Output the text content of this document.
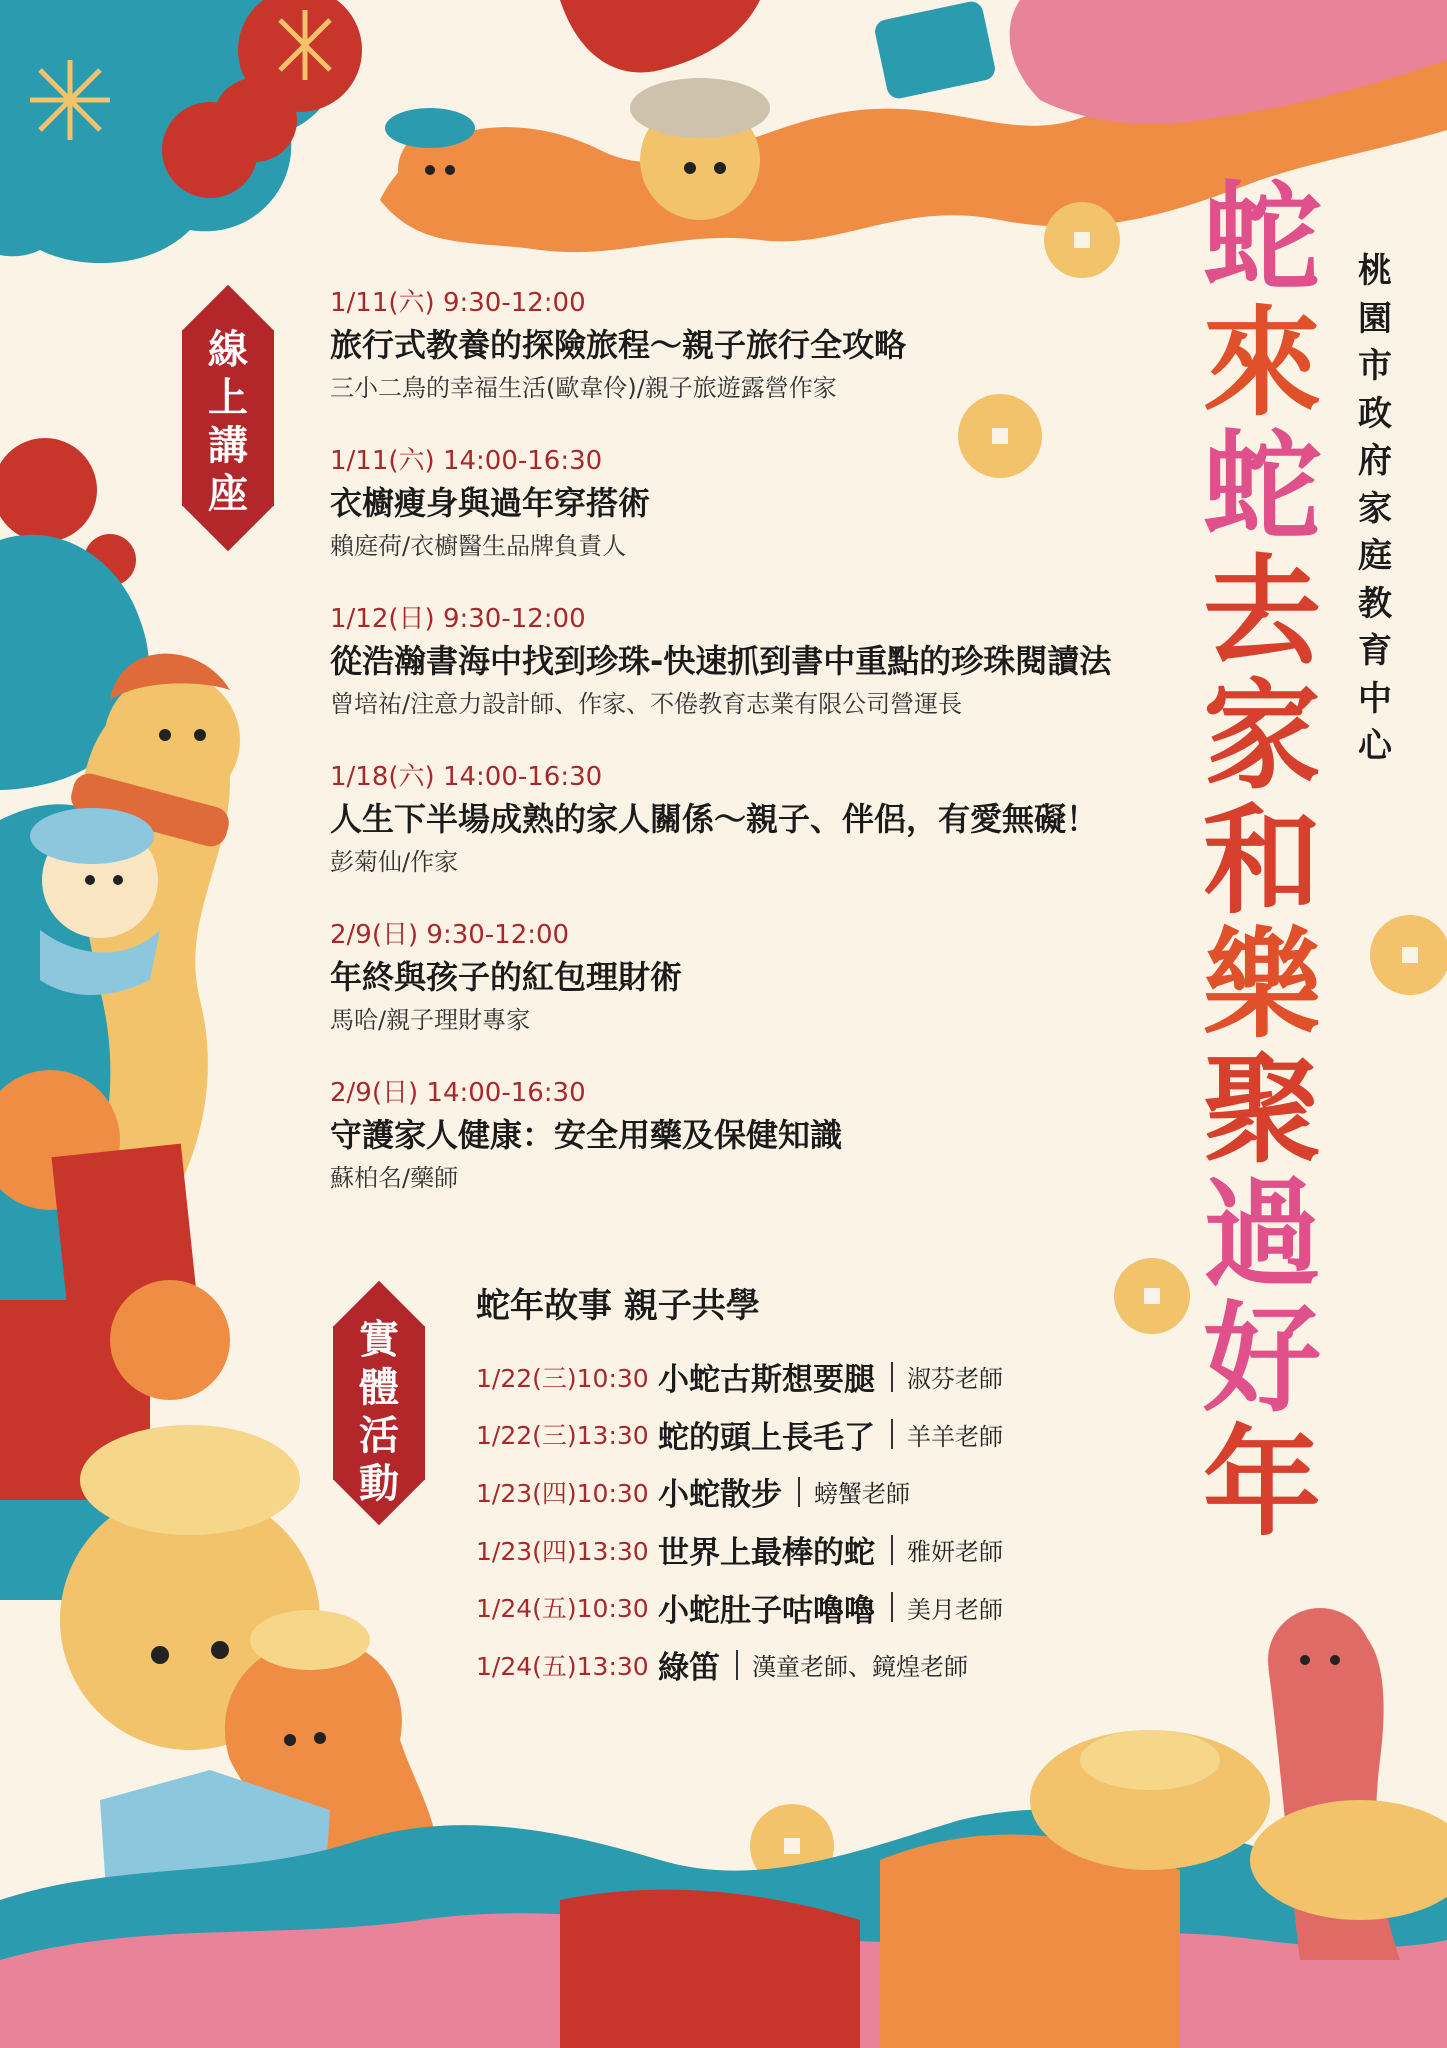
線
上
講
座
1/11(六) 9:30-12:00
旅行式教養的探險旅程～親子旅行全攻略
三小二鳥的幸福生活(歐韋伶)/親子旅遊露營作家
1/11(六) 14:00-16:30
衣櫥瘦身與過年穿搭術
賴庭荷/衣櫥醫生品牌負責人
1/12(日) 9:30-12:00
從浩瀚書海中找到珍珠-快速抓到書中重點的珍珠閱讀法
曾培祐/注意力設計師、作家、不倦教育志業有限公司營運長
1/18(六) 14:00-16:30
人生下半場成熟的家人關係～親子、伴侶，有愛無礙！
彭菊仙/作家
2/9(日) 9:30-12:00
年終與孩子的紅包理財術
馬哈/親子理財專家
2/9(日) 14:00-16:30
守護家人健康：安全用藥及保健知識
蘇柏名/藥師
實
體
活
動
蛇年故事 親子共學
1/22(三)10:30 小蛇古斯想要腿 淑芬老師
1/22(三)13:30 蛇的頭上長毛了 羊羊老師
1/23(四)10:30 小蛇散步 螃蟹老師
1/23(四)13:30 世界上最棒的蛇 雅妍老師
1/24(五)10:30 小蛇肚子咕嚕嚕 美月老師
1/24(五)13:30 綠笛 漢童老師、鏡煌老師
蛇
來
蛇
去
家
和
樂
聚
過
好
年
桃
園
市
政
府
家
庭
教
育
中
心
